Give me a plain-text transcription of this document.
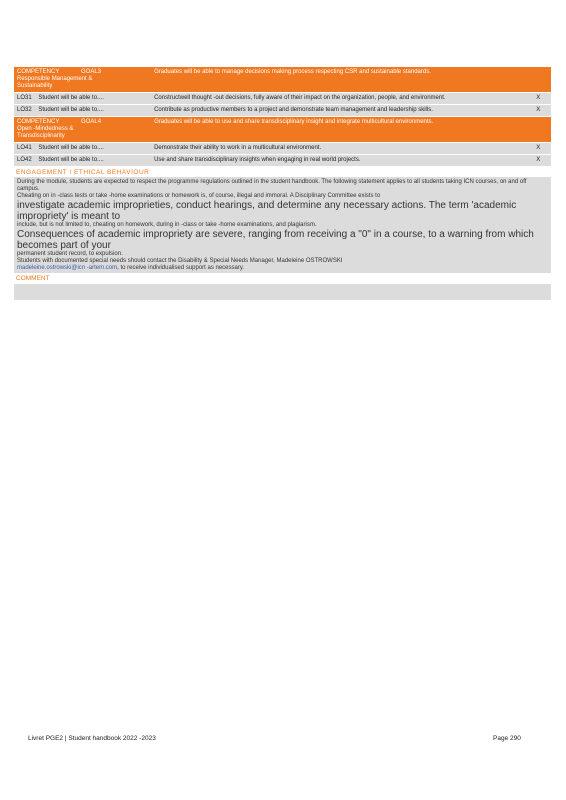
COMPETENCY GOAL3
Responsible Management &
Sustainability	Graduates will be able to manage decisions making process respecting CSR and sustainable standards.	
LO31 Student will be able to....	Constructwell thought -out decisions, fully aware of their impact on the organization, people, and environment.	X
LO32 Student will be able to....	Contribute as productive members to a project and demonstrate team management and leadership skills.	X
COMPETENCY GOAL4
Open -Mindedness &
Transdisciplinarity	Graduates will be able to use and share transdisciplinary insight and integrate multicultural environments.	
LO41 Student will be able to....	Demonstrate their ability to work in a multicultural environment.	X
LO42 Student will be able to....	Use and share transdisciplinary insights when engaging in real world projects.	X
ENGAGEMENT ! ETHICAL BEHAVIOUR

During the module, students are expected to respect the programme regulations outlined in the student handbook. The following statement applies to all students taking ICN courses, on and off campus.

Cheating on in -class tests or take -home examinations or homework is, of course, illegal and immoral. A Disciplinary Committee exists to

investigate academic improprieties, conduct hearings, and determine any necessary actions. The term 'academic impropriety' is meant to

include, but is not limited to, cheating on homework, during in -class or take -home examinations, and plagiarism.

Consequences of academic impropriety are severe, ranging from receiving a "0" in a course, to a warning from which becomes part of your

permanent student record, to expulsion.

Students with documented special needs should contact the Disability & Special Needs Manager, Madeleine OSTROWSKI

madeleine.ostrowski@icn -artem.com, to receive individualised support as necessary.

COMMENT
Livret PGE2 | Student handbook 2022 -2023	Page 290
